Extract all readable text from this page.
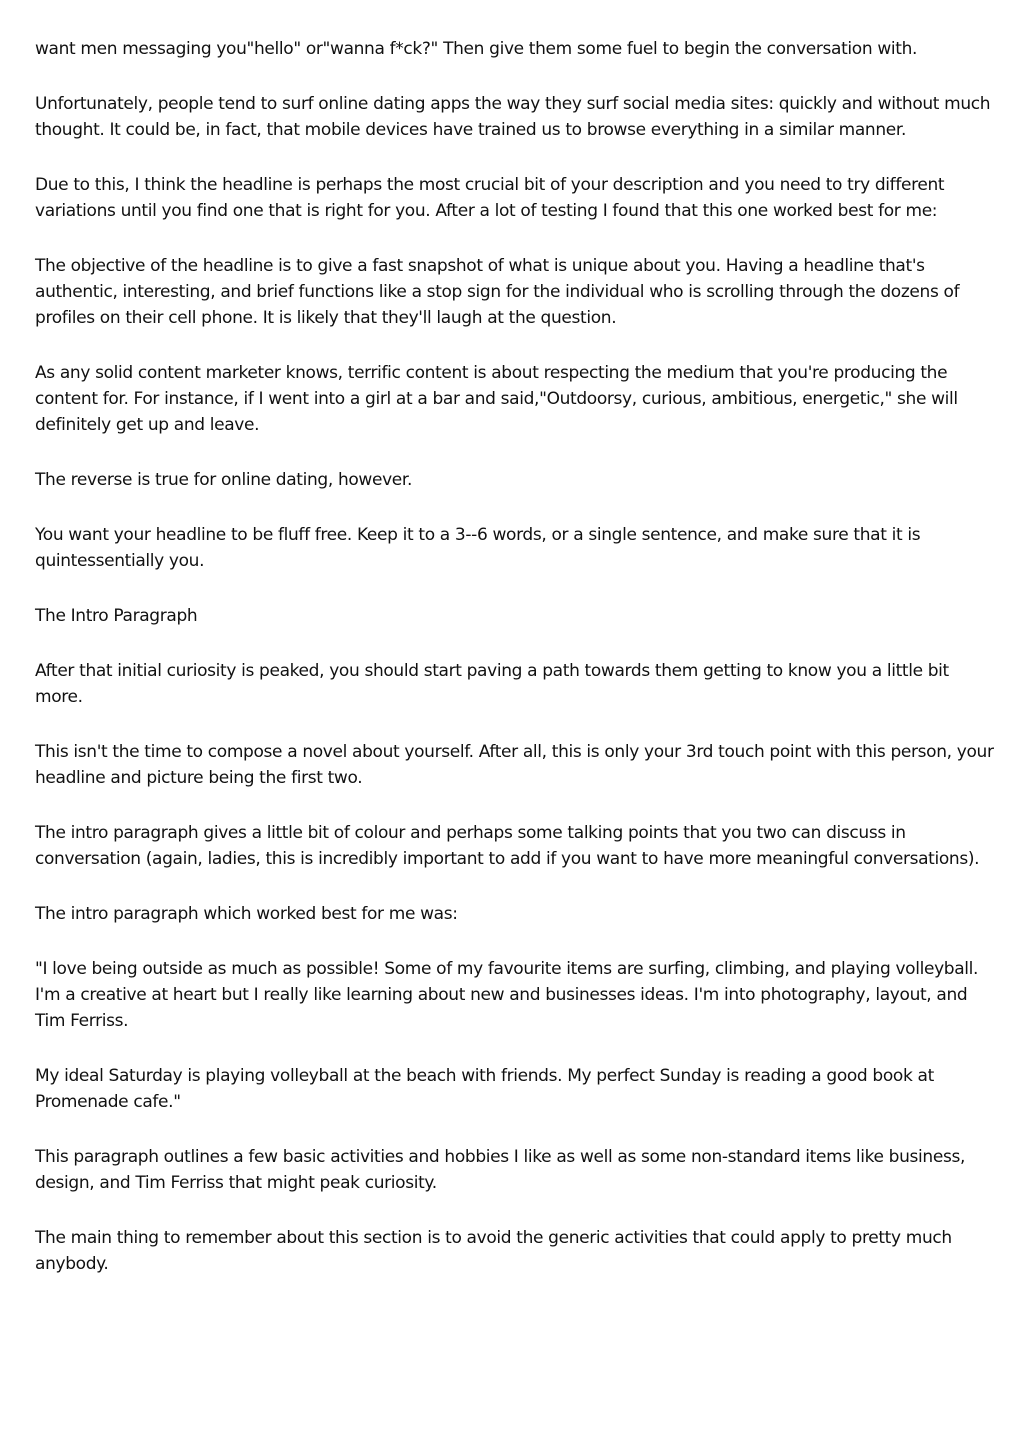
want men messaging you"hello" or"wanna f*ck?" Then give them some fuel to begin the conversation with.

Unfortunately, people tend to surf online dating apps the way they surf social media sites: quickly and without much thought. It could be, in fact, that mobile devices have trained us to browse everything in a similar manner.

Due to this, I think the headline is perhaps the most crucial bit of your description and you need to try different variations until you find one that is right for you. After a lot of testing I found that this one worked best for me:

The objective of the headline is to give a fast snapshot of what is unique about you. Having a headline that's authentic, interesting, and brief functions like a stop sign for the individual who is scrolling through the dozens of profiles on their cell phone. It is likely that they'll laugh at the question.

As any solid content marketer knows, terrific content is about respecting the medium that you're producing the content for. For instance, if I went into a girl at a bar and said,"Outdoorsy, curious, ambitious, energetic," she will definitely get up and leave.

The reverse is true for online dating, however.

You want your headline to be fluff free. Keep it to a 3--6 words, or a single sentence, and make sure that it is quintessentially you.

The Intro Paragraph

After that initial curiosity is peaked, you should start paving a path towards them getting to know you a little bit more.

This isn't the time to compose a novel about yourself. After all, this is only your 3rd touch point with this person, your headline and picture being the first two.

The intro paragraph gives a little bit of colour and perhaps some talking points that you two can discuss in conversation (again, ladies, this is incredibly important to add if you want to have more meaningful conversations).

The intro paragraph which worked best for me was:

"I love being outside as much as possible! Some of my favourite items are surfing, climbing, and playing volleyball. I'm a creative at heart but I really like learning about new and businesses ideas. I'm into photography, layout, and Tim Ferriss.

My ideal Saturday is playing volleyball at the beach with friends. My perfect Sunday is reading a good book at Promenade cafe."

This paragraph outlines a few basic activities and hobbies I like as well as some non-standard items like business, design, and Tim Ferriss that might peak curiosity.

The main thing to remember about this section is to avoid the generic activities that could apply to pretty much anybody.
